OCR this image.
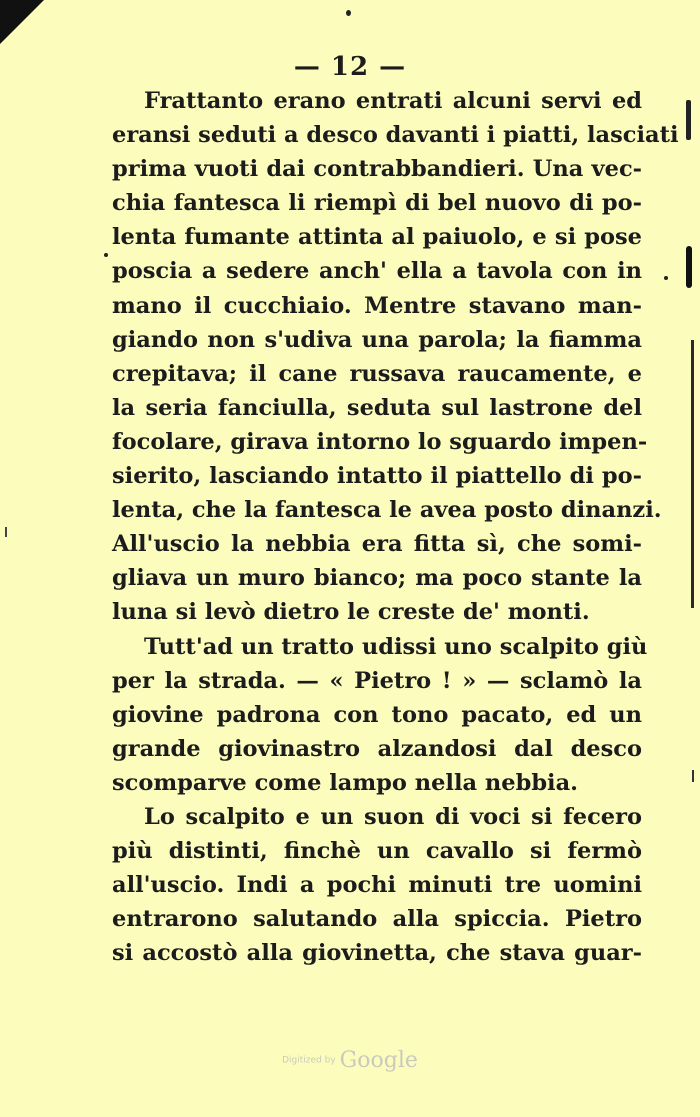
— 12 —
Frattanto erano entrati alcuni servi ed
eransi seduti a desco davanti i piatti, lasciati
prima vuoti dai contrabbandieri. Una vec-
chia fantesca li riempì di bel nuovo di po-
lenta fumante attinta al paiuolo, e si pose
poscia a sedere anch' ella a tavola con in
mano il cucchiaio. Mentre stavano man-
giando non s'udiva una parola; la fiamma
crepitava; il cane russava raucamente, e
la seria fanciulla, seduta sul lastrone del
focolare, girava intorno lo sguardo impen-
sierito, lasciando intatto il piattello di po-
lenta, che la fantesca le avea posto dinanzi.
All'uscio la nebbia era fitta sì, che somi-
gliava un muro bianco; ma poco stante la
luna si levò dietro le creste de' monti.
Tutt'ad un tratto udissi uno scalpito giù
per la strada. — « Pietro ! » — sclamò la
giovine padrona con tono pacato, ed un
grande giovinastro alzandosi dal desco
scomparve come lampo nella nebbia.
Lo scalpito e un suon di voci si fecero
più distinti, finchè un cavallo si fermò
all'uscio. Indi a pochi minuti tre uomini
entrarono salutando alla spiccia. Pietro
si accostò alla giovinetta, che stava guar-
Digitized by Google
